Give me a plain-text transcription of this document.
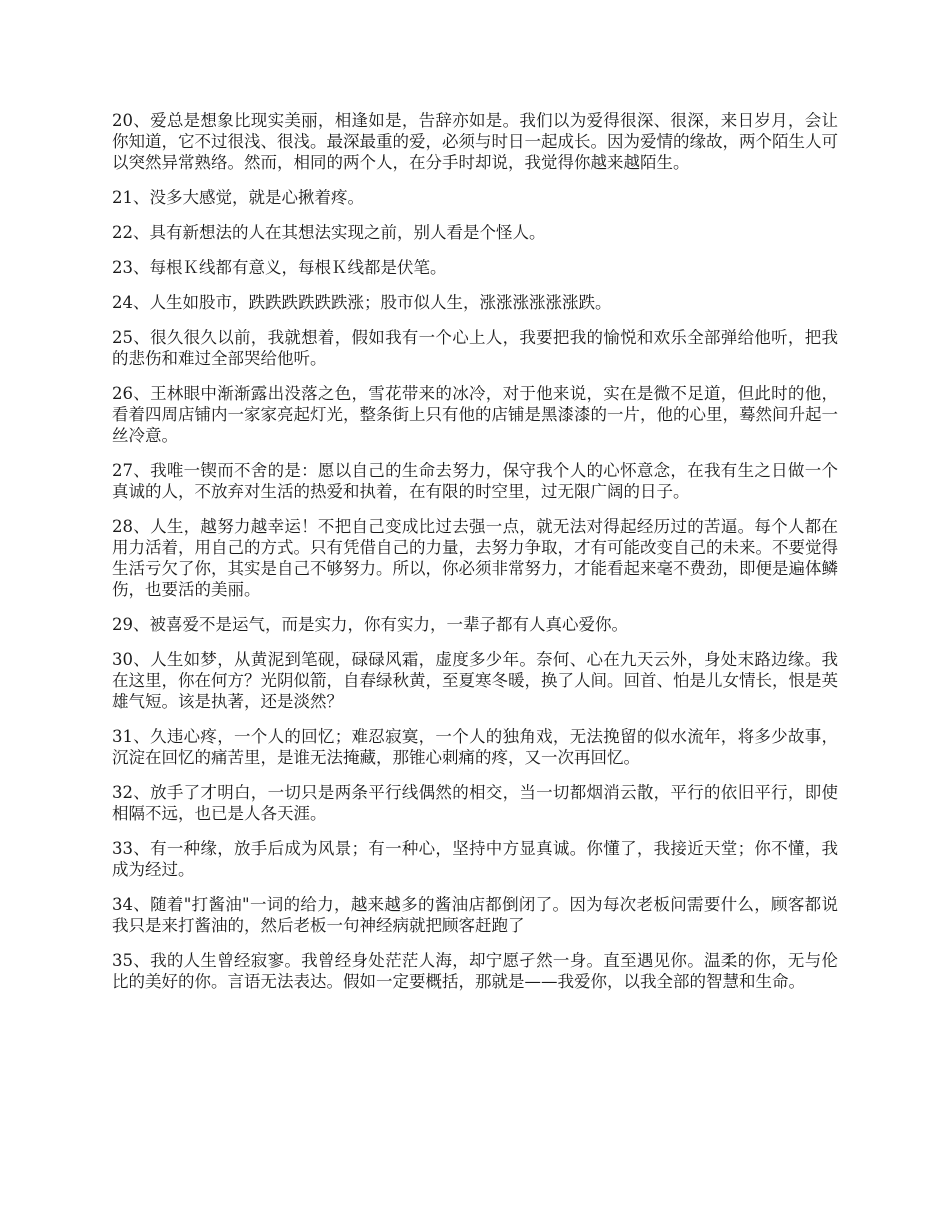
20、爱总是想象比现实美丽，相逢如是，告辞亦如是。我们以为爱得很深、很深，来日岁月，会让你知道，它不过很浅、很浅。最深最重的爱，必须与时日一起成长。因为爱情的缘故，两个陌生人可以突然异常熟络。然而，相同的两个人，在分手时却说，我觉得你越来越陌生。

21、没多大感觉，就是心揪着疼。

22、具有新想法的人在其想法实现之前，别人看是个怪人。

23、每根Ｋ线都有意义，每根Ｋ线都是伏笔。

24、人生如股市，跌跌跌跌跌跌涨；股市似人生，涨涨涨涨涨涨跌。

25、很久很久以前，我就想着，假如我有一个心上人，我要把我的愉悦和欢乐全部弹给他听，把我的悲伤和难过全部哭给他听。

26、王林眼中渐渐露出没落之色，雪花带来的冰冷，对于他来说，实在是微不足道，但此时的他，看着四周店铺内一家家亮起灯光，整条街上只有他的店铺是黑漆漆的一片，他的心里，蓦然间升起一丝冷意。

27、我唯一锲而不舍的是：愿以自己的生命去努力，保守我个人的心怀意念，在我有生之日做一个真诚的人，不放弃对生活的热爱和执着，在有限的时空里，过无限广阔的日子。

28、人生，越努力越幸运！不把自己变成比过去强一点，就无法对得起经历过的苦逼。每个人都在用力活着，用自己的方式。只有凭借自己的力量，去努力争取，才有可能改变自己的未来。不要觉得生活亏欠了你，其实是自己不够努力。所以，你必须非常努力，才能看起来毫不费劲，即便是遍体鳞伤，也要活的美丽。

29、被喜爱不是运气，而是实力，你有实力，一辈子都有人真心爱你。

30、人生如梦，从黄泥到笔砚，碌碌风霜，虚度多少年。奈何、心在九天云外，身处末路边缘。我在这里，你在何方？光阴似箭，自春绿秋黄，至夏寒冬暖，换了人间。回首、怕是儿女情长，恨是英雄气短。该是执著，还是淡然？

31、久违心疼，一个人的回忆；难忍寂寞，一个人的独角戏，无法挽留的似水流年，将多少故事，沉淀在回忆的痛苦里，是谁无法掩藏，那锥心刺痛的疼，又一次再回忆。

32、放手了才明白，一切只是两条平行线偶然的相交，当一切都烟消云散，平行的依旧平行，即使相隔不远，也已是人各天涯。

33、有一种缘，放手后成为风景；有一种心，坚持中方显真诚。你懂了，我接近天堂；你不懂，我成为经过。

34、随着"打酱油"一词的给力，越来越多的酱油店都倒闭了。因为每次老板问需要什么，顾客都说我只是来打酱油的，然后老板一句神经病就把顾客赶跑了

35、我的人生曾经寂寥。我曾经身处茫茫人海，却宁愿孑然一身。直至遇见你。温柔的你，无与伦比的美好的你。言语无法表达。假如一定要概括，那就是——我爱你，以我全部的智慧和生命。
